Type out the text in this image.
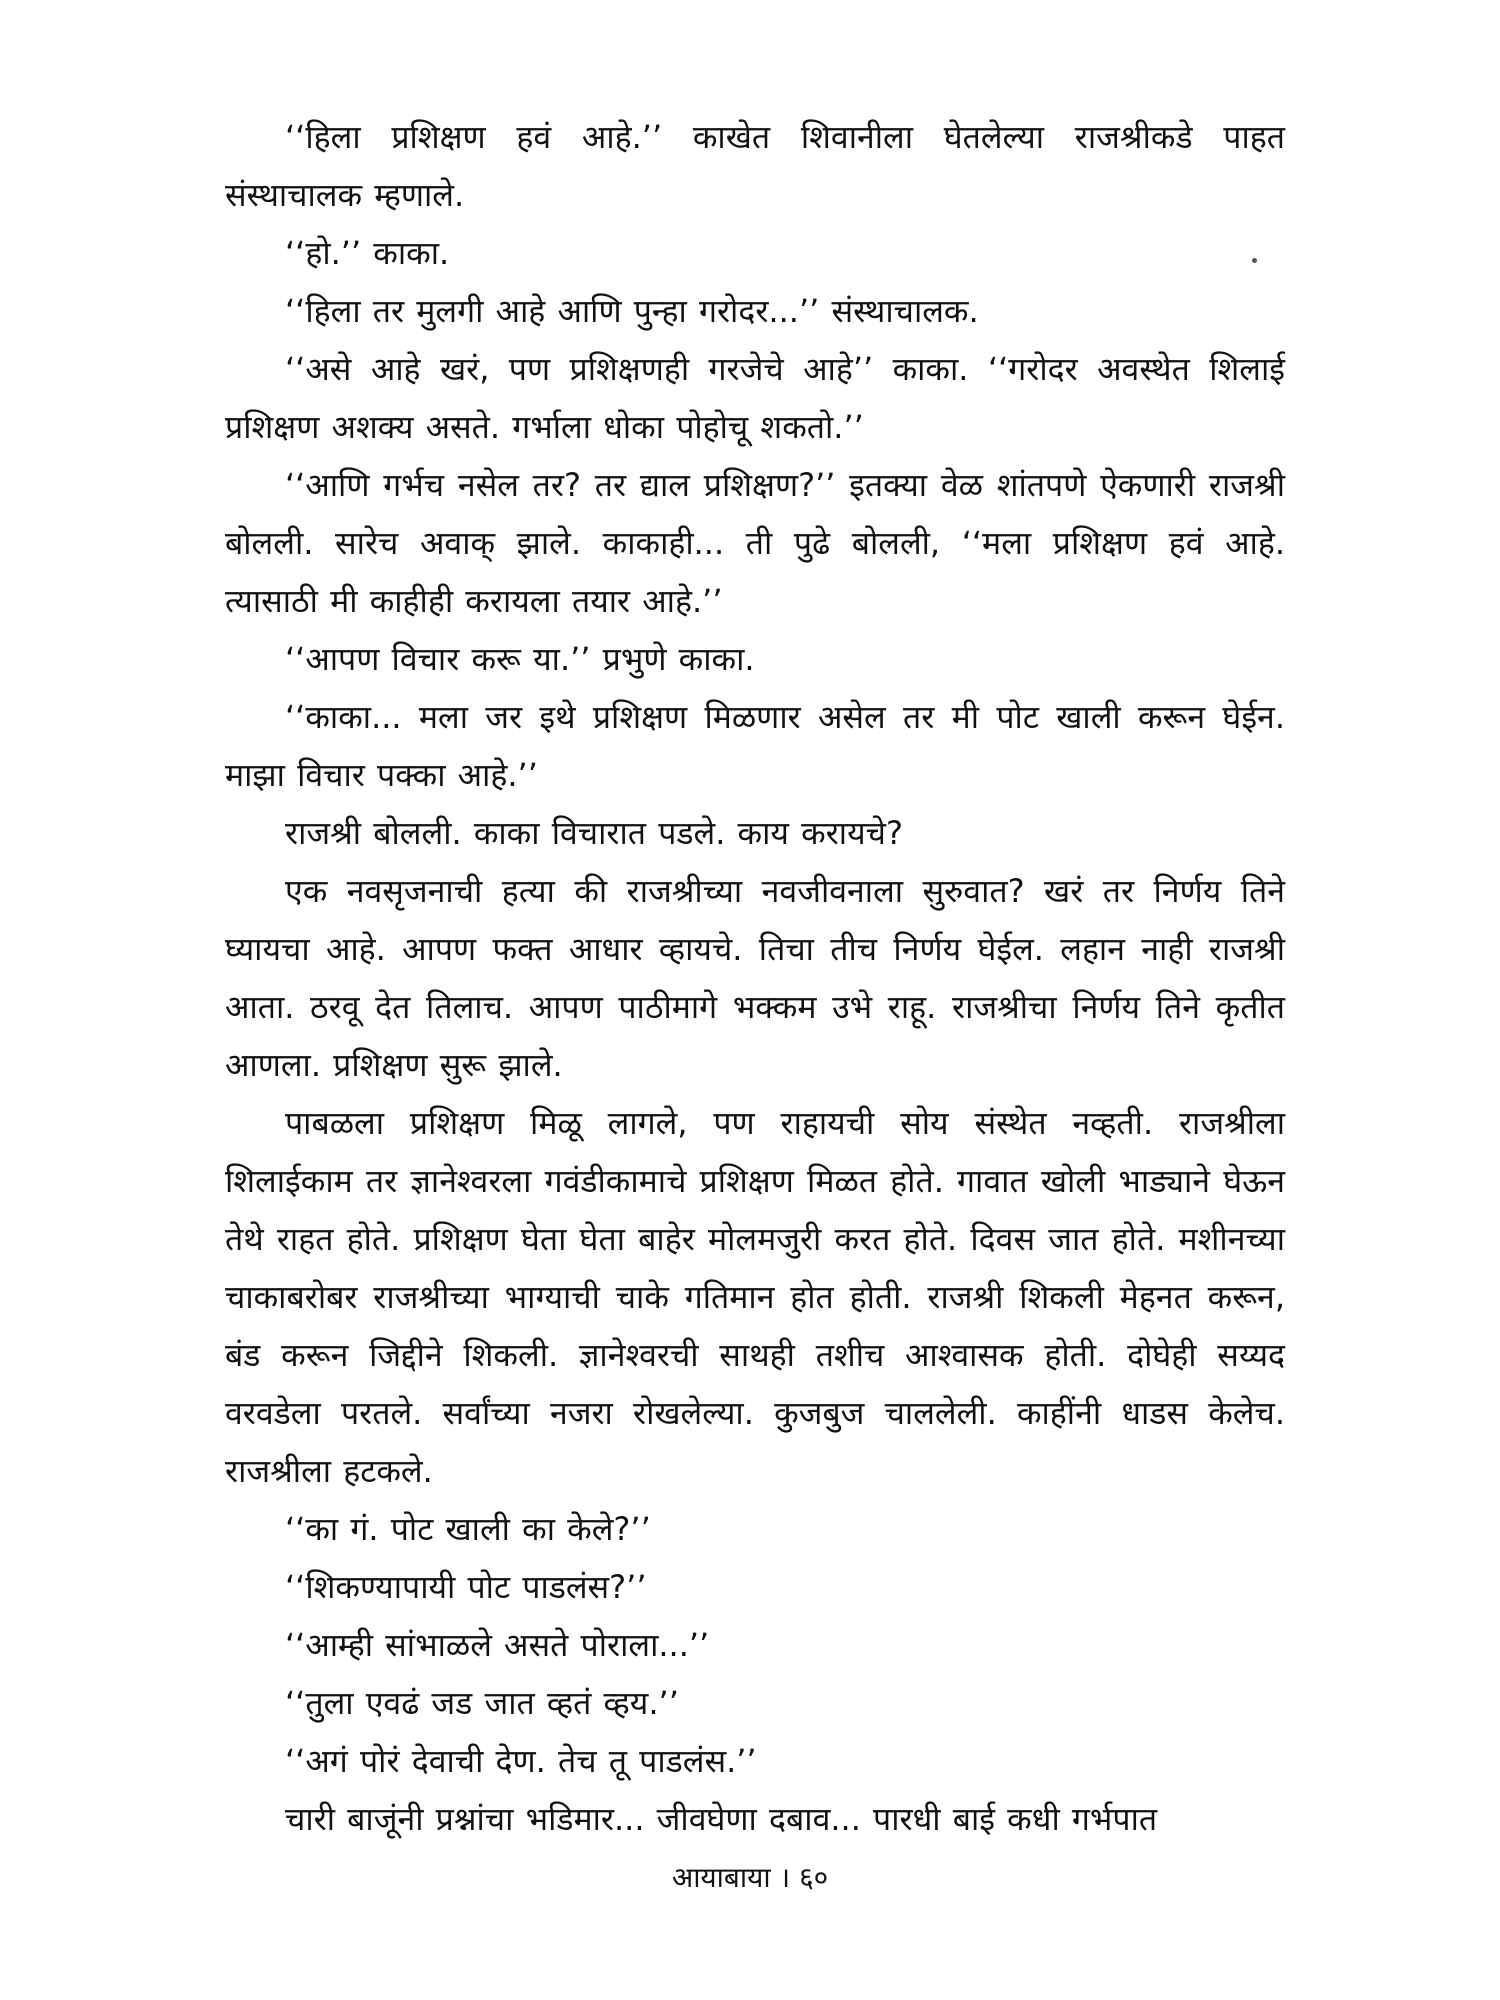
‘‘हिला प्रशिक्षण हवं आहे.’’ काखेत शिवानीला घेतलेल्या राजश्रीकडे पाहत संस्थाचालक म्हणाले.

‘‘हो.’’ काका.

‘‘हिला तर मुलगी आहे आणि पुन्हा गरोदर...’’ संस्थाचालक.

‘‘असे आहे खरं, पण प्रशिक्षणही गरजेचे आहे’’ काका. ‘‘गरोदर अवस्थेत शिलाई प्रशिक्षण अशक्य असते. गर्भाला धोका पोहोचू शकतो.’’

‘‘आणि गर्भच नसेल तर? तर द्याल प्रशिक्षण?’’ इतक्या वेळ शांतपणे ऐकणारी राजश्री बोलली. सारेच अवाक् झाले. काकाही... ती पुढे बोलली, ‘‘मला प्रशिक्षण हवं आहे. त्यासाठी मी काहीही करायला तयार आहे.’’

‘‘आपण विचार करू या.’’ प्रभुणे काका.

‘‘काका... मला जर इथे प्रशिक्षण मिळणार असेल तर मी पोट खाली करून घेईन. माझा विचार पक्का आहे.’’

राजश्री बोलली. काका विचारात पडले. काय करायचे?

एक नवसृजनाची हत्या की राजश्रीच्या नवजीवनाला सुरुवात? खरं तर निर्णय तिने घ्यायचा आहे. आपण फक्त आधार व्हायचे. तिचा तीच निर्णय घेईल. लहान नाही राजश्री आता. ठरवू देत तिलाच. आपण पाठीमागे भक्कम उभे राहू. राजश्रीचा निर्णय तिने कृतीत आणला. प्रशिक्षण सुरू झाले.

पाबळला प्रशिक्षण मिळू लागले, पण राहायची सोय संस्थेत नव्हती. राजश्रीला शिलाईकाम तर ज्ञानेश्वरला गवंडीकामाचे प्रशिक्षण मिळत होते. गावात खोली भाड्याने घेऊन तेथे राहत होते. प्रशिक्षण घेता घेता बाहेर मोलमजुरी करत होते. दिवस जात होते. मशीनच्या चाकाबरोबर राजश्रीच्या भाग्याची चाके गतिमान होत होती. राजश्री शिकली मेहनत करून, बंड करून जिद्दीने शिकली. ज्ञानेश्वरची साथही तशीच आश्वासक होती. दोघेही सय्यद वरवडेला परतले. सर्वांच्या नजरा रोखलेल्या. कुजबुज चाललेली. काहींनी धाडस केलेच. राजश्रीला हटकले.

‘‘का गं. पोट खाली का केले?’’

‘‘शिकण्यापायी पोट पाडलंस?’’

‘‘आम्ही सांभाळले असते पोराला...’’

‘‘तुला एवढं जड जात व्हतं व्हय.’’

‘‘अगं पोरं देवाची देण. तेच तू पाडलंस.’’

चारी बाजूंनी प्रश्नांचा भडिमार... जीवघेणा दबाव... पारधी बाई कधी गर्भपात

आयाबाया । ६०
